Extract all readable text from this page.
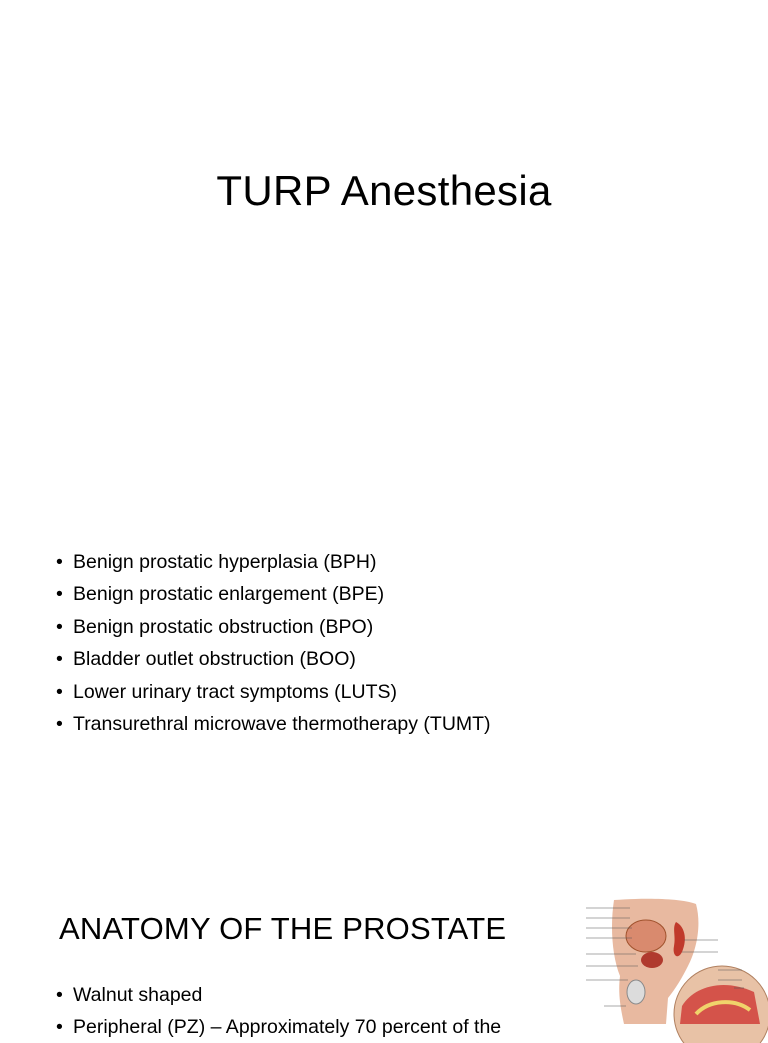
TURP Anesthesia
• Benign prostatic hyperplasia (BPH)
• Benign prostatic enlargement (BPE)
• Benign prostatic obstruction (BPO)
• Bladder outlet obstruction (BOO)
• Lower urinary tract symptoms (LUTS)
• Transurethral microwave thermotherapy (TUMT)
ANATOMY OF THE PROSTATE
• Walnut shaped
• Peripheral (PZ) – Approximately 70 percent of the
